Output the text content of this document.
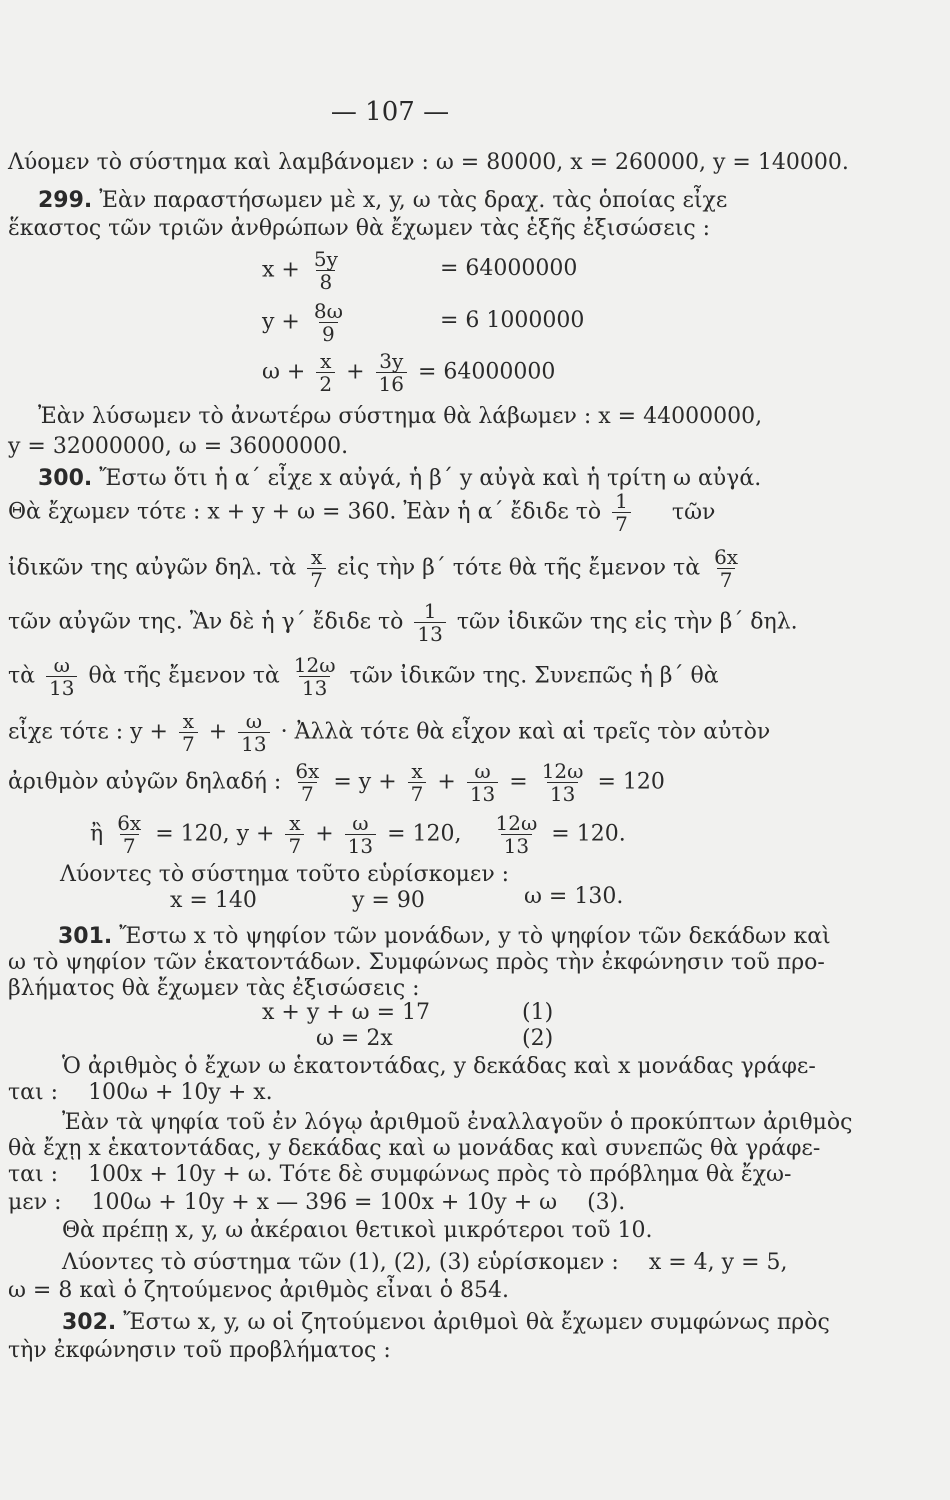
— 107 —
Λύομεν τὸ σύστημα καὶ λαμβάνομεν : ω = 80000, x = 260000, y = 140000.
299. Ἐὰν παραστήσωμεν μὲ x, y, ω τὰς δραχ. τὰς ὁποίας εἶχε
ἕκαστος τῶν τριῶν ἀνθρώπων θὰ ἔχωμεν τὰς ἑξῆς ἐξισώσεις :
$x + \frac{5y}{8}$	= 64000000
$y + \frac{8\omega}{9}$	= 6 1000000
$\omega + \frac{x}{2} + \frac{3y}{16} = 64000000$
Ἐὰν λύσωμεν τὸ ἀνωτέρω σύστημα θὰ λάβωμεν : x = 44000000,
y = 32000000, ω = 36000000.
300. Ἔστω ὅτι ἡ α΄ εἶχε x αὐγά, ἡ β΄ y αὐγὰ καὶ ἡ τρίτη ω αὐγά.
Θὰ ἔχωμεν τότε : x + y + ω = 360. Ἐὰν ἡ α΄ ἔδιδε τὸ $\frac{1}{7}$ τῶν
ἰδικῶν της αὐγῶν δηλ. τὰ $\frac{x}{7}$ εἰς τὴν β΄ τότε θὰ τῆς ἔμενον τὰ $\frac{6x}{7}$
τῶν αὐγῶν της. Ἂν δὲ ἡ γ΄ ἔδιδε τὸ $\frac{1}{13}$ τῶν ἰδικῶν της εἰς τὴν β΄ δηλ.
τὰ $\frac{\omega}{13}$ θὰ τῆς ἔμενον τὰ $\frac{12\omega}{13}$ τῶν ἰδικῶν της. Συνεπῶς ἡ β΄ θὰ
εἶχε τότε : $y + \frac{x}{7} + \frac{\omega}{13}$ · Ἀλλὰ τότε θὰ εἶχον καὶ αἱ τρεῖς τὸν αὐτὸν
ἀριθμὸν αὐγῶν δηλαδή : $\frac{6x}{7} = y + \frac{x}{7} + \frac{\omega}{13} = \frac{12\omega}{13} = 120$
ἢ $\frac{6x}{7} = 120$, $y + \frac{x}{7} + \frac{\omega}{13} = 120$, $\frac{12\omega}{13} = 120$.
Λύοντες τὸ σύστημα τοῦτο εὑρίσκομεν :
x = 140	y = 90	ω = 130.
301. Ἔστω x τὸ ψηφίον τῶν μονάδων, y τὸ ψηφίον τῶν δεκάδων καὶ
ω τὸ ψηφίον τῶν ἑκατοντάδων. Συμφώνως πρὸς τὴν ἐκφώνησιν τοῦ προ-
βλήματος θὰ ἔχωμεν τὰς ἐξισώσεις :
x + y + ω = 17	(1)
ω = 2x	(2)
Ὁ ἀριθμὸς ὁ ἔχων ω ἑκατοντάδας, y δεκάδας καὶ x μονάδας γράφε-
ται : 100ω + 10y + x.
Ἐὰν τὰ ψηφία τοῦ ἐν λόγῳ ἀριθμοῦ ἐναλλαγοῦν ὁ προκύπτων ἀριθμὸς
θὰ ἔχῃ x ἑκατοντάδας, y δεκάδας καὶ ω μονάδας καὶ συνεπῶς θὰ γράφε-
ται : 100x + 10y + ω. Τότε δὲ συμφώνως πρὸς τὸ πρόβλημα θὰ ἔχω-
μεν : 100ω + 10y + x — 396 = 100x + 10y + ω (3).
Θὰ πρέπῃ x, y, ω ἀκέραιοι θετικοὶ μικρότεροι τοῦ 10.
Λύοντες τὸ σύστημα τῶν (1), (2), (3) εὑρίσκομεν : x = 4, y = 5,
ω = 8 καὶ ὁ ζητούμενος ἀριθμὸς εἶναι ὁ 854.
302. Ἔστω x, y, ω οἱ ζητούμενοι ἀριθμοὶ θὰ ἔχωμεν συμφώνως πρὸς
τὴν ἐκφώνησιν τοῦ προβλήματος :
